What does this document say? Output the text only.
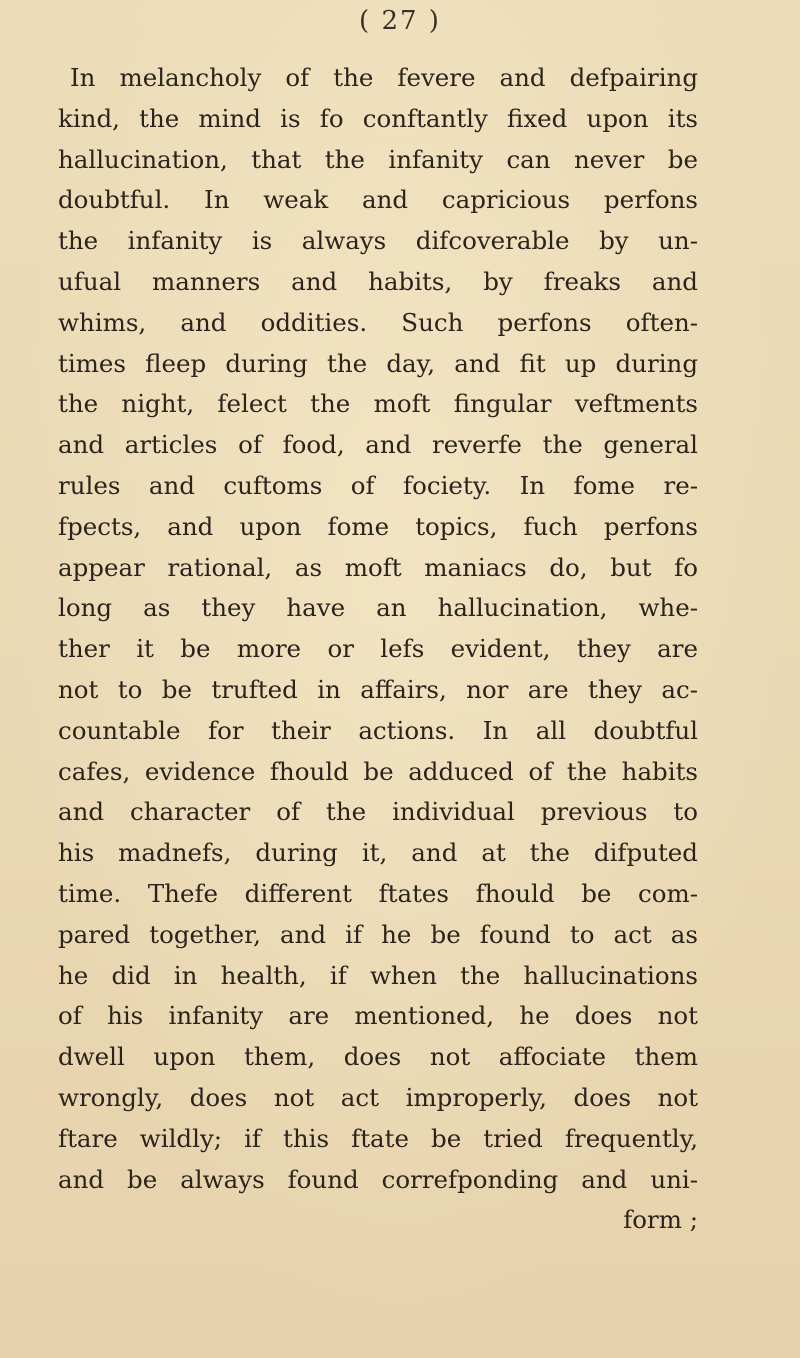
( 27 )
In melancholy of the fevere and defpairing
kind, the mind is fo conftantly fixed upon its
hallucination, that the infanity can never be
doubtful. In weak and capricious perfons
the infanity is always difcoverable by un-
ufual manners and habits, by freaks and
whims, and oddities. Such perfons often-
times fleep during the day, and fit up during
the night, felect the moft fingular veftments
and articles of food, and reverfe the general
rules and cuftoms of fociety. In fome re-
fpects, and upon fome topics, fuch perfons
appear rational, as moft maniacs do, but fo
long as they have an hallucination, whe-
ther it be more or lefs evident, they are
not to be trufted in affairs, nor are they ac-
countable for their actions. In all doubtful
cafes, evidence fhould be adduced of the habits
and character of the individual previous to
his madnefs, during it, and at the difputed
time. Thefe different ftates fhould be com-
pared together, and if he be found to act as
he did in health, if when the hallucinations
of his infanity are mentioned, he does not
dwell upon them, does not affociate them
wrongly, does not act improperly, does not
ftare wildly; if this ftate be tried frequently,
and be always found correfponding and uni-
form ;
